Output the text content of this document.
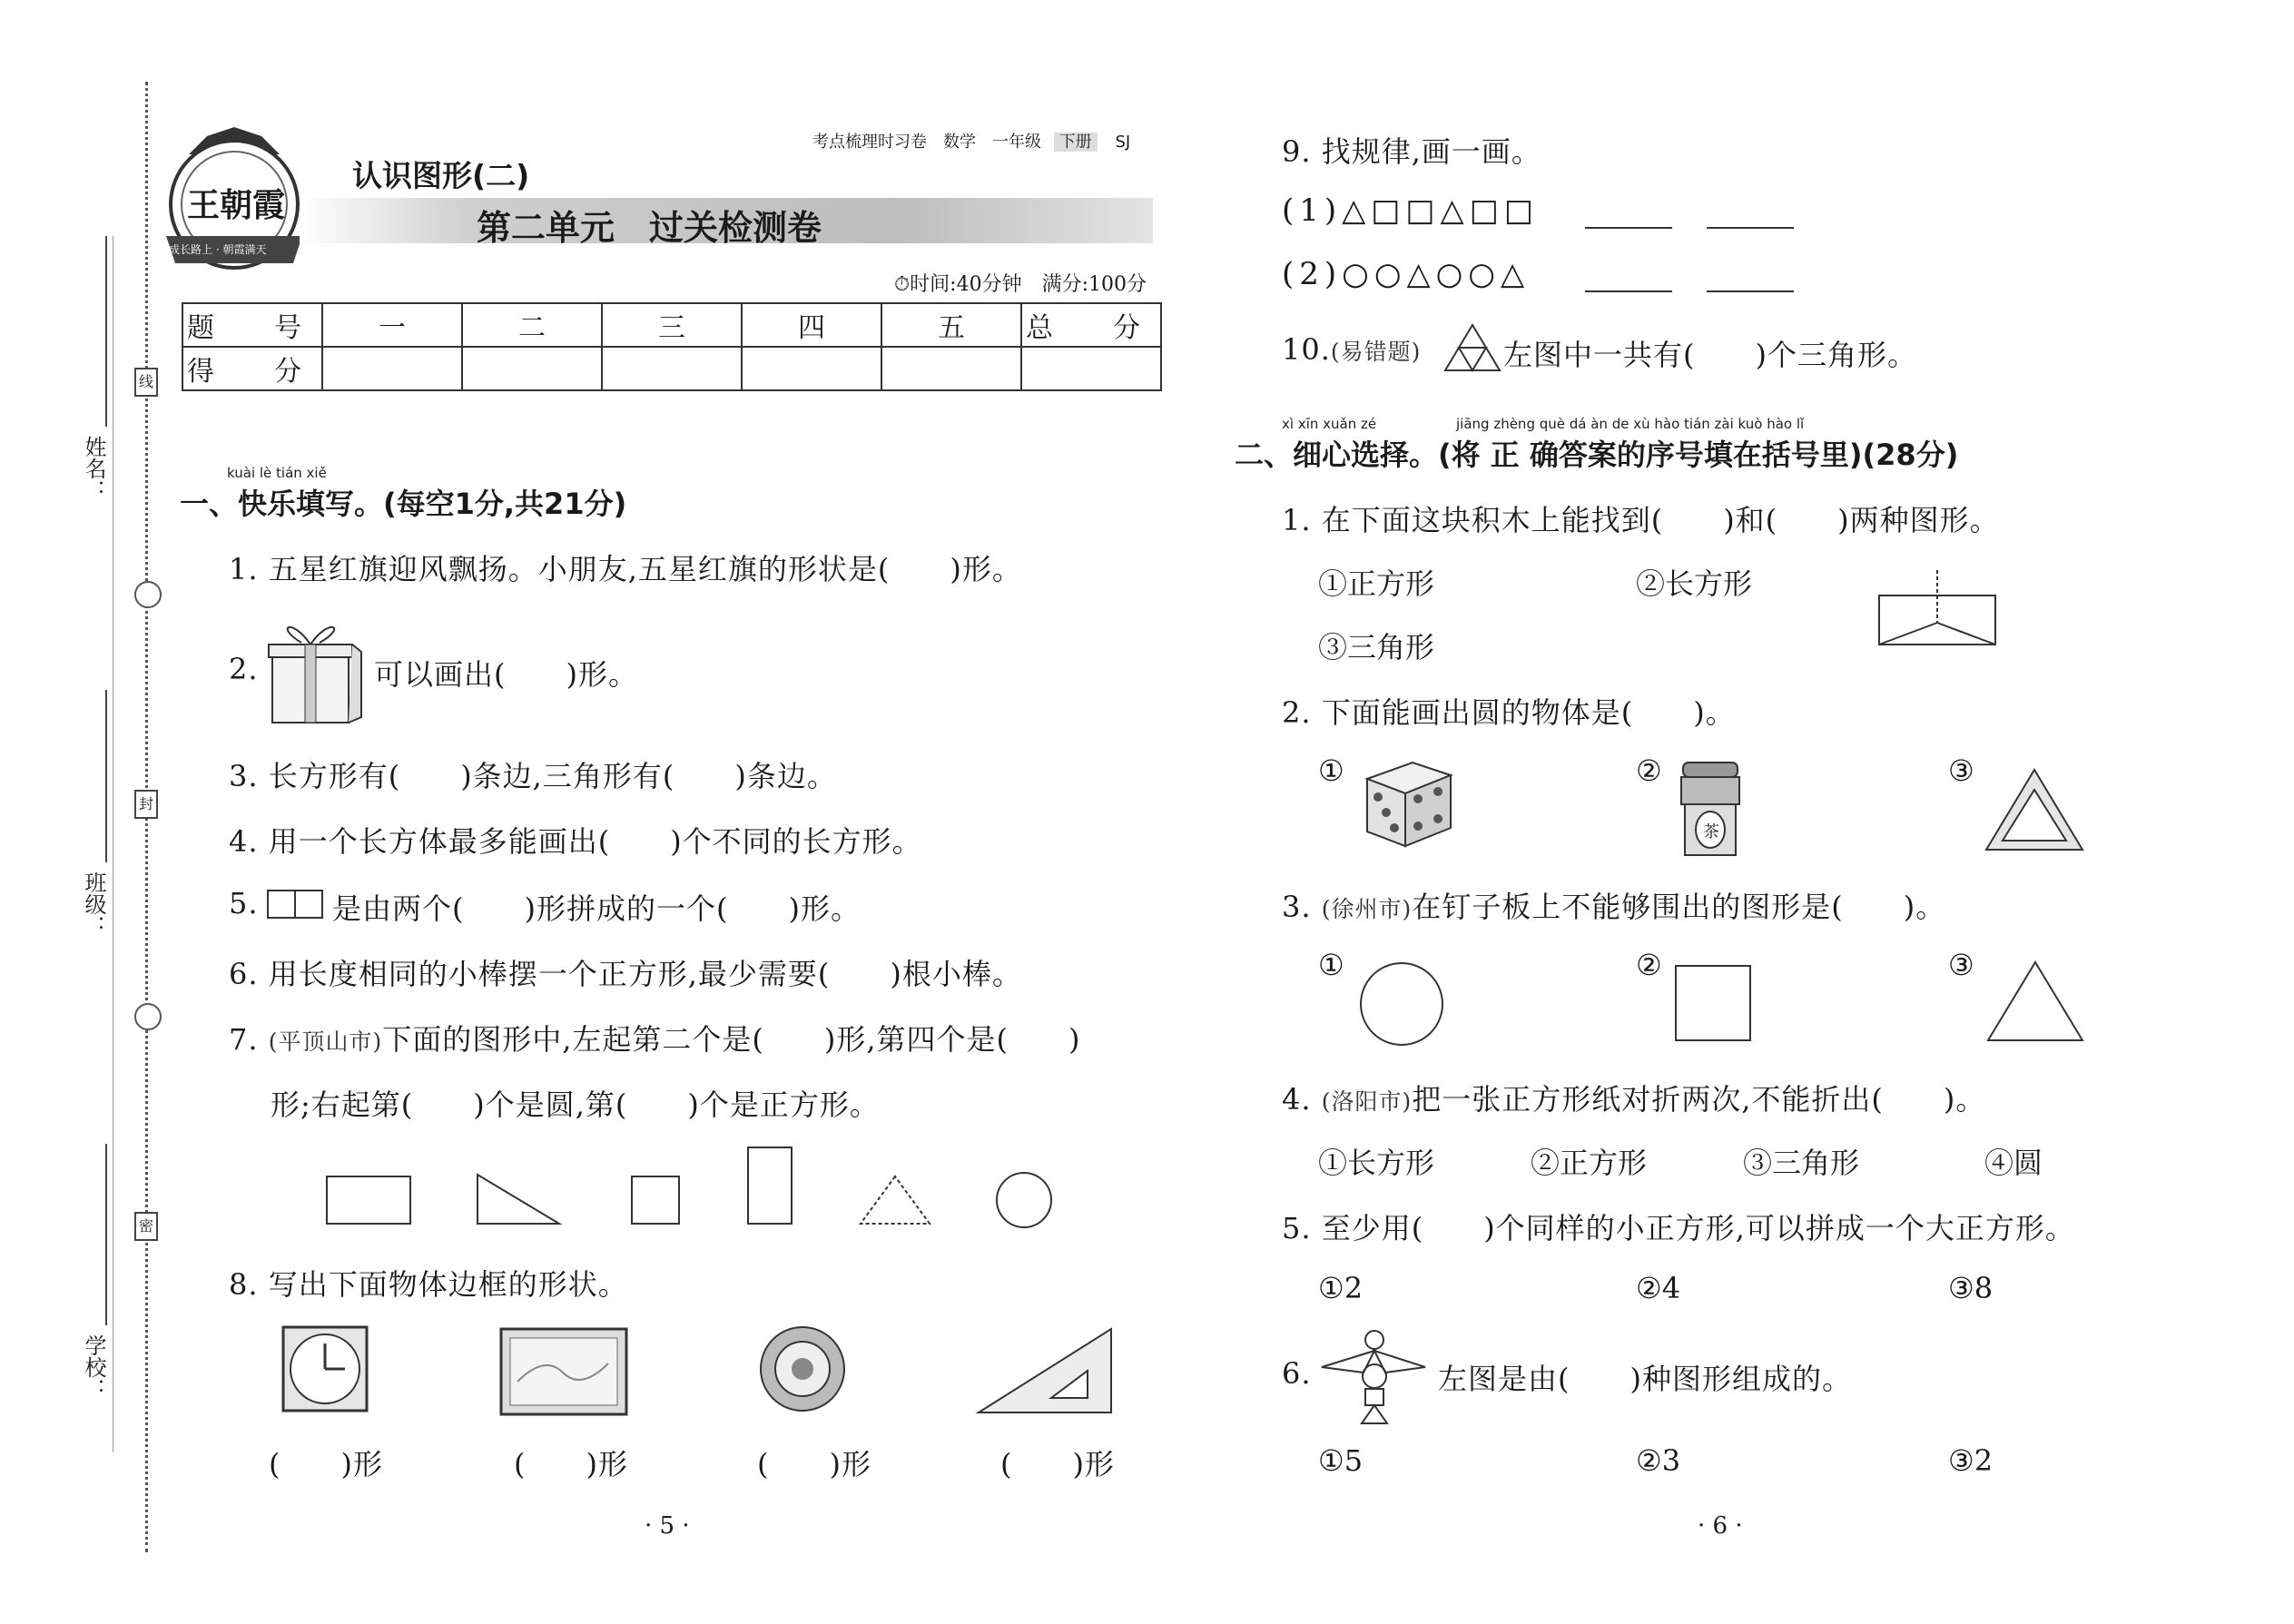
姓名：
班级：
学校：
线
封
密
王朝霞
成长路上 · 朝霞满天
考点梳理时习卷　数学　一年级 下册 SJ
认识图形(二)
第二单元　过关检测卷
⏱时间:40分钟　满分:100分
题　号	一	二	三	四	五	总　分
得　分						
kuài lè tián xiě
一、快乐填写。(每空1分,共21分)
1. 五星红旗迎风飘扬。小朋友,五星红旗的形状是(　　)形。
2.	可以画出(　　)形。
3. 长方形有(　　)条边,三角形有(　　)条边。
4. 用一个长方体最多能画出(　　)个不同的长方形。
5.	是由两个(　　)形拼成的一个(　　)形。
6. 用长度相同的小棒摆一个正方形,最少需要(　　)根小棒。
7. (平顶山市)下面的图形中,左起第二个是(　　)形,第四个是(　　)
形;右起第(　　)个是圆,第(　　)个是正方形。
8. 写出下面物体边框的形状。
(　　)形	(　　)形	(　　)形	(　　)形
· 5 ·
9. 找规律,画一画。
(1)△□□△□□
(2)○○△○○△
10.(易错题)	左图中一共有(　　)个三角形。
xì xīn xuǎn zé	jiāng zhèng què dá àn de xù hào tián zài kuò hào lǐ
二、细心选择。(将 正 确答案的序号填在括号里)(28分)
1. 在下面这块积木上能找到(　　)和(　　)两种图形。
①正方形	②长方形
③三角形
2. 下面能画出圆的物体是(　　)。
①	②
茶
③
3. (徐州市)在钉子板上不能够围出的图形是(　　)。
①	②	③
4. (洛阳市)把一张正方形纸对折两次,不能折出(　　)。
①长方形	②正方形	③三角形	④圆
5. 至少用(　　)个同样的小正方形,可以拼成一个大正方形。
①2	②4	③8
6.	左图是由(　　)种图形组成的。
①5	②3	③2
· 6 ·
